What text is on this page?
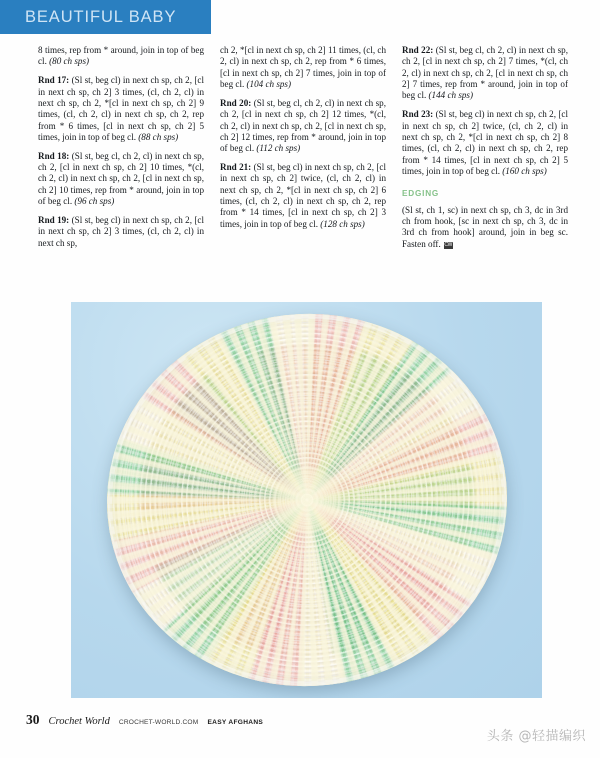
BEAUTIFUL BABY

8 times, rep from * around, join in top of beg cl. (80 ch sps)

Rnd 17: (Sl st, beg cl) in next ch sp, ch 2, [cl in next ch sp, ch 2] 3 times, (cl, ch 2, cl) in next ch sp, ch 2, *[cl in next ch sp, ch 2] 9 times, (cl, ch 2, cl) in next ch sp, ch 2, rep from * 6 times, [cl in next ch sp, ch 2] 5 times, join in top of beg cl. (88 ch sps)

Rnd 18: (Sl st, beg cl, ch 2, cl) in next ch sp, ch 2, [cl in next ch sp, ch 2] 10 times, *(cl, ch 2, cl) in next ch sp, ch 2, [cl in next ch sp, ch 2] 10 times, rep from * around, join in top of beg cl. (96 ch sps)

Rnd 19: (Sl st, beg cl) in next ch sp, ch 2, [cl in next ch sp, ch 2] 3 times, (cl, ch 2, cl) in next ch sp,

ch 2, *[cl in next ch sp, ch 2] 11 times, (cl, ch 2, cl) in next ch sp, ch 2, rep from * 6 times, [cl in next ch sp, ch 2] 7 times, join in top of beg cl. (104 ch sps)

Rnd 20: (Sl st, beg cl, ch 2, cl) in next ch sp, ch 2, [cl in next ch sp, ch 2] 12 times, *(cl, ch 2, cl) in next ch sp, ch 2, [cl in next ch sp, ch 2] 12 times, rep from * around, join in top of beg cl. (112 ch sps)

Rnd 21: (Sl st, beg cl) in next ch sp, ch 2, [cl in next ch sp, ch 2] twice, (cl, ch 2, cl) in next ch sp, ch 2, *[cl in next ch sp, ch 2] 6 times, (cl, ch 2, cl) in next ch sp, ch 2, rep from * 14 times, [cl in next ch sp, ch 2] 3 times, join in top of beg cl. (128 ch sps)

Rnd 22: (Sl st, beg cl, ch 2, cl) in next ch sp, ch 2, [cl in next ch sp, ch 2] 7 times, *(cl, ch 2, cl) in next ch sp, ch 2, [cl in next ch sp, ch 2] 7 times, rep from * around, join in top of beg cl. (144 ch sps)

Rnd 23: (Sl st, beg cl) in next ch sp, ch 2, [cl in next ch sp, ch 2] twice, (cl, ch 2, cl) in next ch sp, ch 2, *[cl in next ch sp, ch 2] 8 times, (cl, ch 2, cl) in next ch sp, ch 2, rep from * 14 times, [cl in next ch sp, ch 2] 5 times, join in top of beg cl. (160 ch sps)

EDGING

(Sl st, ch 1, sc) in next ch sp, ch 3, dc in 3rd ch from hook, [sc in next ch sp, ch 3, dc in 3rd ch from hook] around, join in beg sc. Fasten off. CW

30 Crochet World CROCHET-WORLD.COM EASY AFGHANS
头条 @轻描编织
